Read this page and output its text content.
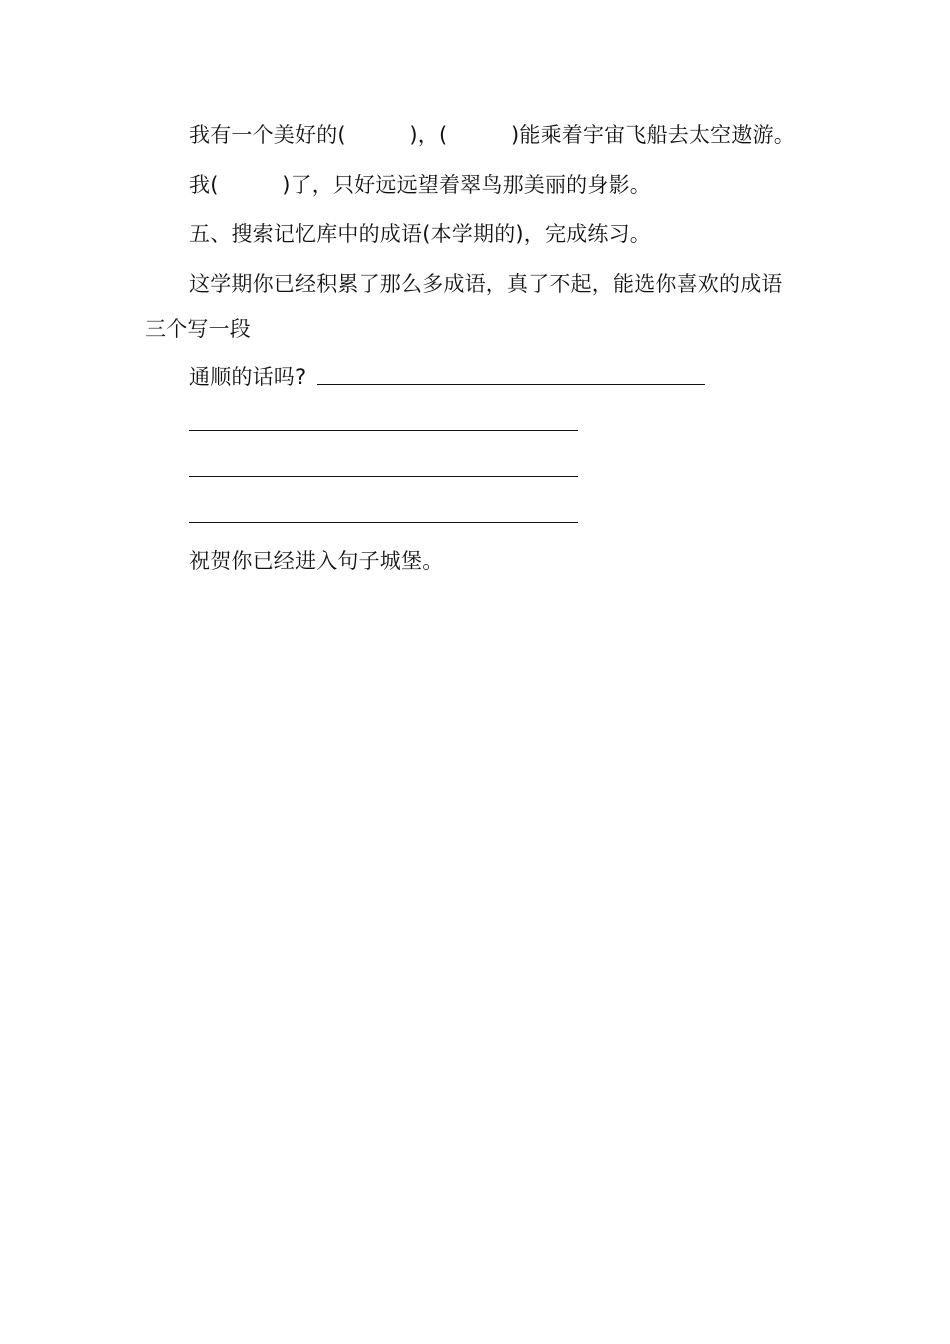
我有一个美好的(　　　)，(　　　)能乘着宇宙飞船去太空遨游。
我(　　　)了，只好远远望着翠鸟那美丽的身影。
五、搜索记忆库中的成语(本学期的)，完成练习。
这学期你已经积累了那么多成语，真了不起，能选你喜欢的成语
三个写一段
通顺的话吗?
祝贺你已经进入句子城堡。
